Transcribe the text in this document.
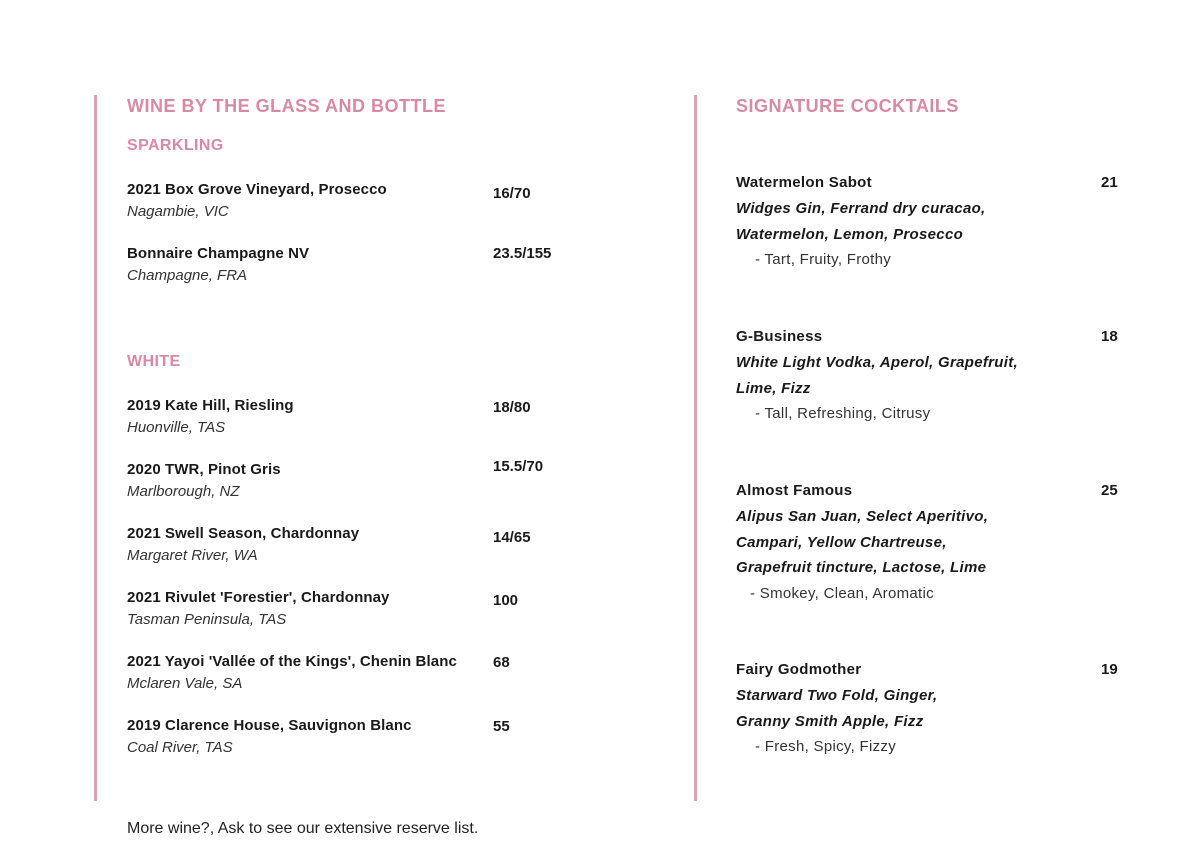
WINE BY THE GLASS AND BOTTLE
SPARKLING
2021 Box Grove Vineyard, Prosecco
Nagambie, VIC
16/70
Bonnaire Champagne NV
Champagne, FRA
23.5/155
WHITE
2019 Kate Hill, Riesling
Huonville, TAS
18/80
2020 TWR, Pinot Gris
Marlborough, NZ
15.5/70
2021 Swell Season, Chardonnay
Margaret River, WA
14/65
2021 Rivulet 'Forestier', Chardonnay
Tasman Peninsula, TAS
100
2021 Yayoi 'Vallée of the Kings', Chenin Blanc
Mclaren Vale, SA
68
2019 Clarence House, Sauvignon Blanc
Coal River, TAS
55
SIGNATURE COCKTAILS
Watermelon Sabot	21
Widges Gin, Ferrand dry curacao,
Watermelon, Lemon, Prosecco
- Tart, Fruity, Frothy
G-Business	18
White Light Vodka, Aperol, Grapefruit,
Lime, Fizz
- Tall, Refreshing, Citrusy
Almost Famous	25
Alipus San Juan, Select Aperitivo,
Campari, Yellow Chartreuse,
Grapefruit tincture, Lactose, Lime
- Smokey, Clean, Aromatic
Fairy Godmother	19
Starward Two Fold, Ginger,
Granny Smith Apple, Fizz
- Fresh, Spicy, Fizzy
More wine?, Ask to see our extensive reserve list.
